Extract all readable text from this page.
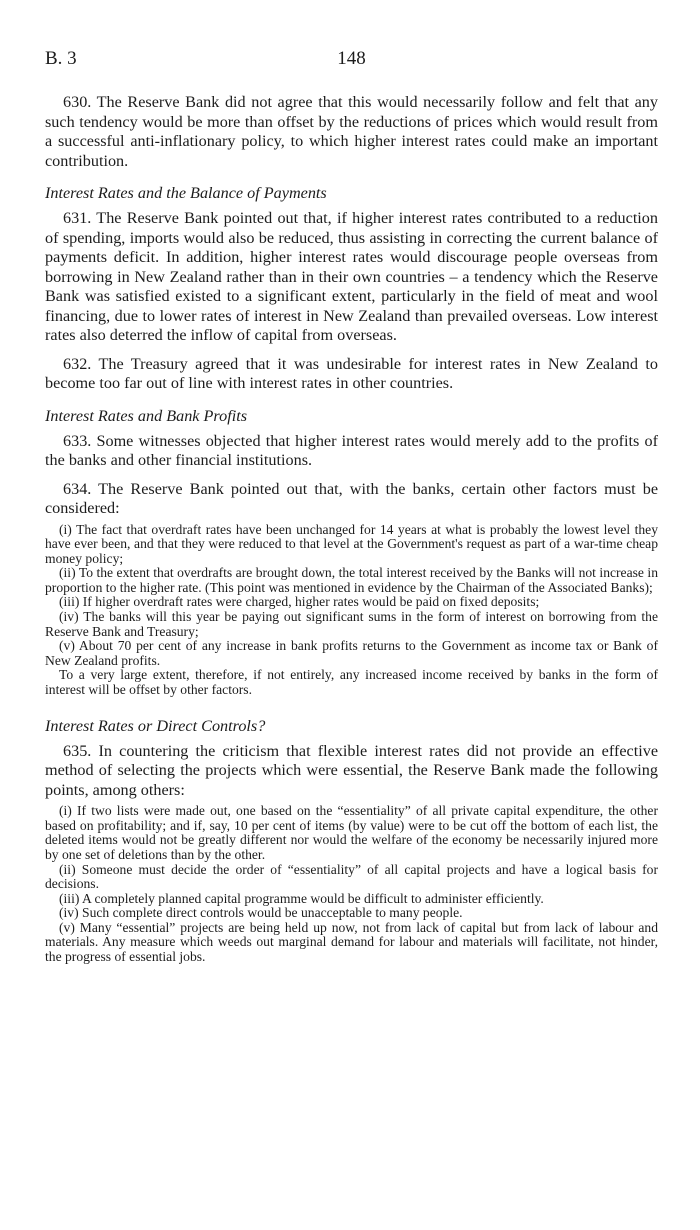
B. 3	148

630. The Reserve Bank did not agree that this would necessarily follow and felt that any such tendency would be more than offset by the reductions of prices which would result from a successful anti-inflationary policy, to which higher interest rates could make an important contribution.

Interest Rates and the Balance of Payments

631. The Reserve Bank pointed out that, if higher interest rates contributed to a reduction of spending, imports would also be reduced, thus assisting in correcting the current balance of payments deficit. In addition, higher interest rates would discourage people overseas from borrowing in New Zealand rather than in their own countries – a tendency which the Reserve Bank was satisfied existed to a significant extent, particularly in the field of meat and wool financing, due to lower rates of interest in New Zealand than prevailed overseas. Low interest rates also deterred the inflow of capital from overseas.

632. The Treasury agreed that it was undesirable for interest rates in New Zealand to become too far out of line with interest rates in other countries.

Interest Rates and Bank Profits

633. Some witnesses objected that higher interest rates would merely add to the profits of the banks and other financial institutions.

634. The Reserve Bank pointed out that, with the banks, certain other factors must be considered:

(i) The fact that overdraft rates have been unchanged for 14 years at what is probably the lowest level they have ever been, and that they were reduced to that level at the Government's request as part of a war-time cheap money policy;

(ii) To the extent that overdrafts are brought down, the total interest received by the Banks will not increase in proportion to the higher rate. (This point was mentioned in evidence by the Chairman of the Associated Banks);

(iii) If higher overdraft rates were charged, higher rates would be paid on fixed deposits;

(iv) The banks will this year be paying out significant sums in the form of interest on borrowing from the Reserve Bank and Treasury;

(v) About 70 per cent of any increase in bank profits returns to the Government as income tax or Bank of New Zealand profits.

To a very large extent, therefore, if not entirely, any increased income received by banks in the form of interest will be offset by other factors.

Interest Rates or Direct Controls?

635. In countering the criticism that flexible interest rates did not provide an effective method of selecting the projects which were essential, the Reserve Bank made the following points, among others:

(i) If two lists were made out, one based on the “essentiality” of all private capital expenditure, the other based on profitability; and if, say, 10 per cent of items (by value) were to be cut off the bottom of each list, the deleted items would not be greatly different nor would the welfare of the economy be necessarily injured more by one set of deletions than by the other.

(ii) Someone must decide the order of “essentiality” of all capital projects and have a logical basis for decisions.

(iii) A completely planned capital programme would be difficult to administer efficiently.

(iv) Such complete direct controls would be unacceptable to many people.

(v) Many “essential” projects are being held up now, not from lack of capital but from lack of labour and materials. Any measure which weeds out marginal demand for labour and materials will facilitate, not hinder, the progress of essential jobs.
